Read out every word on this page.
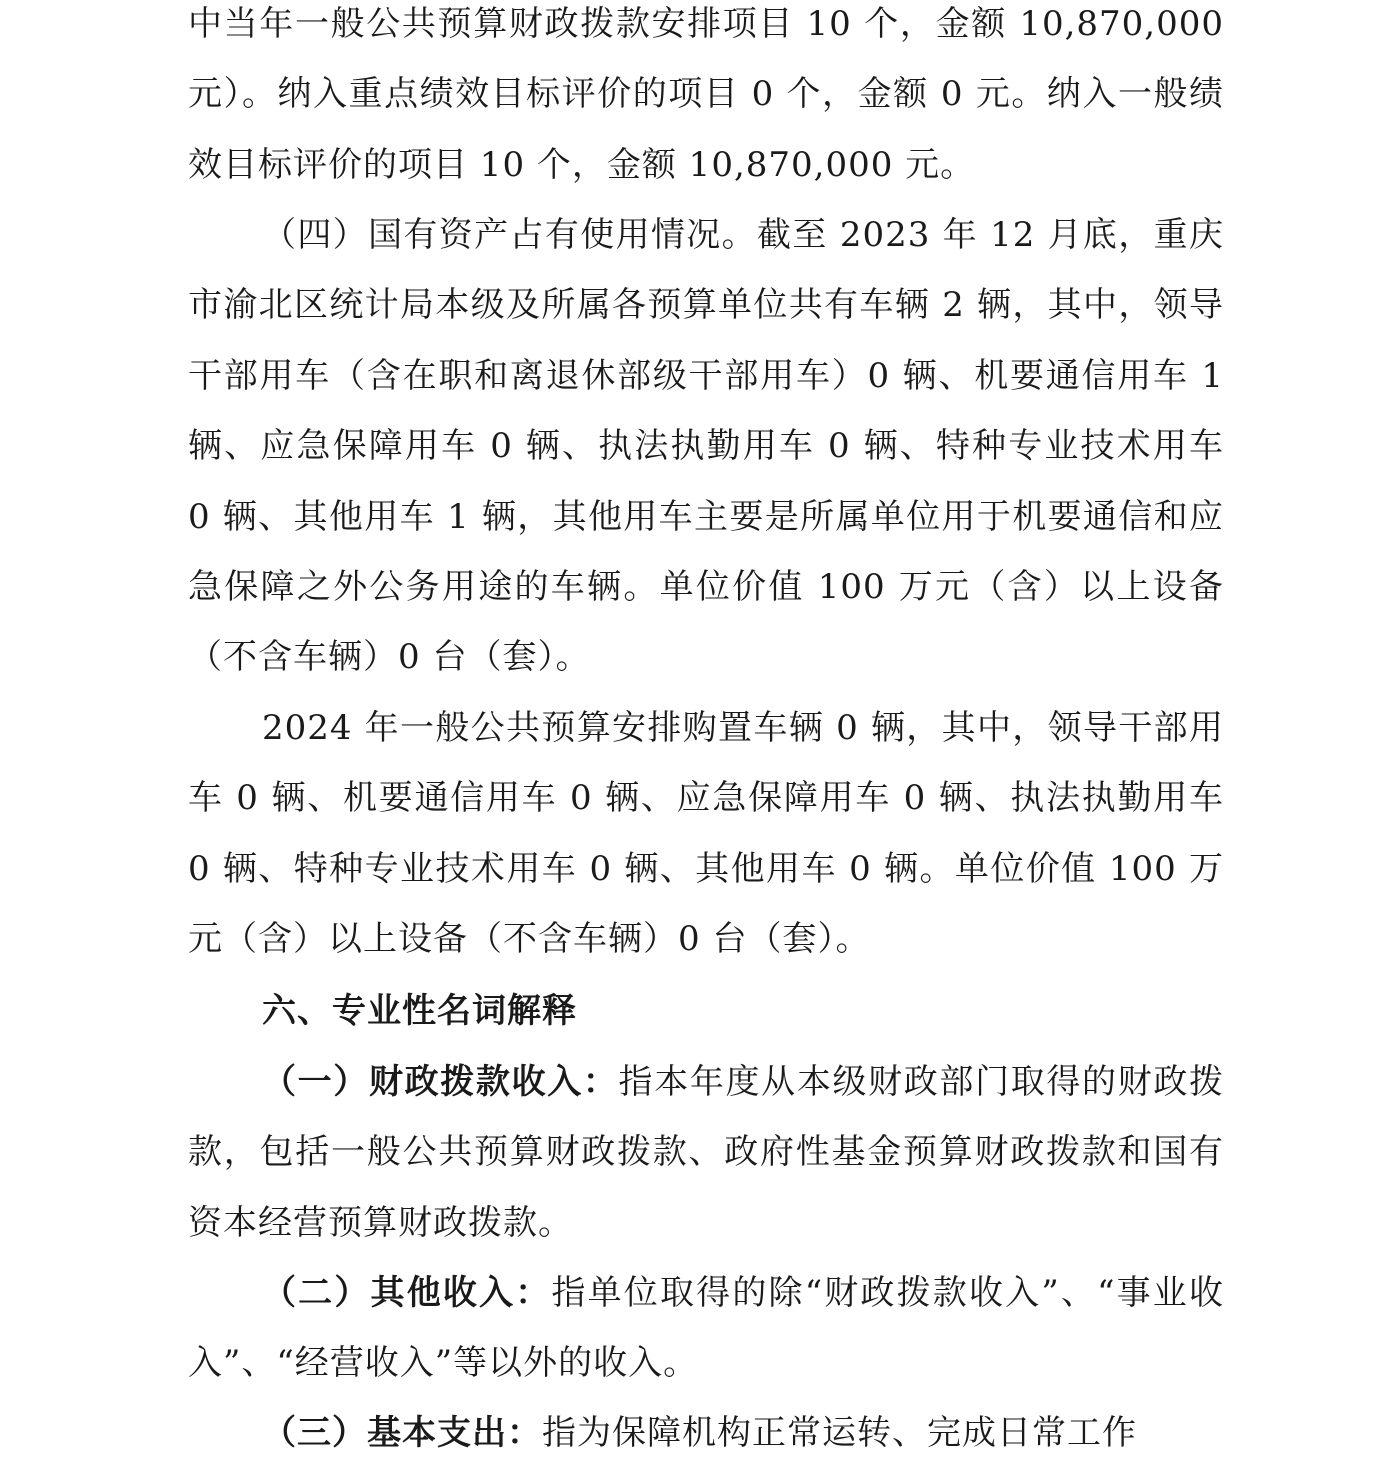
中当年一般公共预算财政拨款安排项目 10 个，金额 10,870,000 元）。纳入重点绩效目标评价的项目 0 个，金额 0 元。纳入一般绩效目标评价的项目 10 个，金额 10,870,000 元。

（四）国有资产占有使用情况。截至 2023 年 12 月底，重庆市渝北区统计局本级及所属各预算单位共有车辆 2 辆，其中，领导干部用车（含在职和离退休部级干部用车）0 辆、机要通信用车 1 辆、应急保障用车 0 辆、执法执勤用车 0 辆、特种专业技术用车 0 辆、其他用车 1 辆，其他用车主要是所属单位用于机要通信和应急保障之外公务用途的车辆。单位价值 100 万元（含）以上设备（不含车辆）0 台（套）。

2024 年一般公共预算安排购置车辆 0 辆，其中，领导干部用车 0 辆、机要通信用车 0 辆、应急保障用车 0 辆、执法执勤用车 0 辆、特种专业技术用车 0 辆、其他用车 0 辆。单位价值 100 万元（含）以上设备（不含车辆）0 台（套）。

六、专业性名词解释

（一）财政拨款收入：指本年度从本级财政部门取得的财政拨款，包括一般公共预算财政拨款、政府性基金预算财政拨款和国有资本经营预算财政拨款。

（二）其他收入：指单位取得的除“财政拨款收入”、“事业收入”、“经营收入”等以外的收入。

（三）基本支出：指为保障机构正常运转、完成日常工作
